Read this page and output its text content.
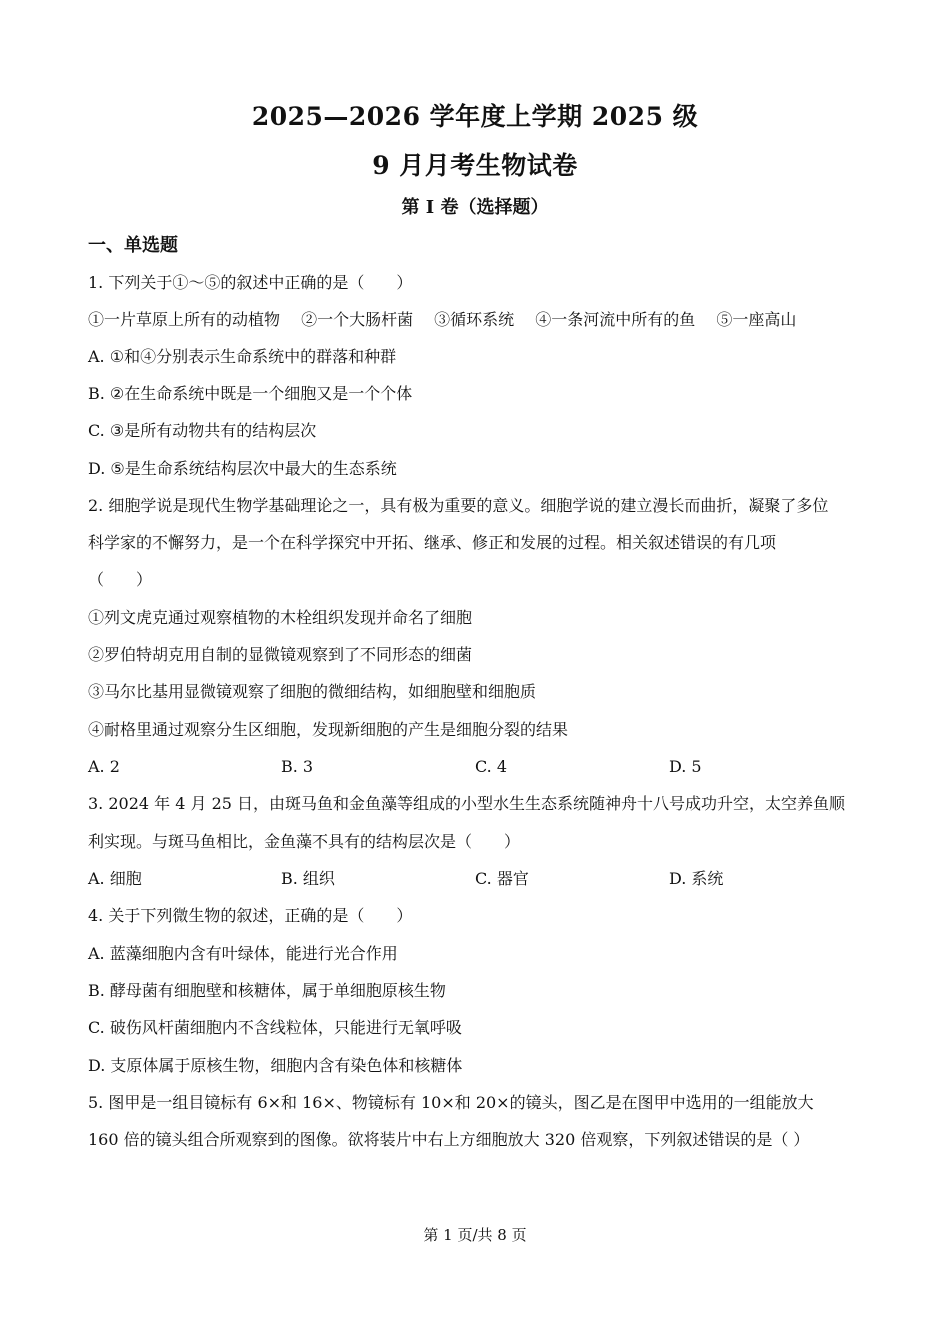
2025—2026 学年度上学期 2025 级
9 月月考生物试卷
第 I 卷（选择题）
一、单选题
1. 下列关于①～⑤的叙述中正确的是（　　）
①一片草原上所有的动植物　 ②一个大肠杆菌　 ③循环系统　 ④一条河流中所有的鱼　 ⑤一座高山
A. ①和④分别表示生命系统中的群落和种群
B. ②在生命系统中既是一个细胞又是一个个体
C. ③是所有动物共有的结构层次
D. ⑤是生命系统结构层次中最大的生态系统
2. 细胞学说是现代生物学基础理论之一，具有极为重要的意义。细胞学说的建立漫长而曲折，凝聚了多位
科学家的不懈努力，是一个在科学探究中开拓、继承、修正和发展的过程。相关叙述错误的有几项
（　　）
①列文虎克通过观察植物的木栓组织发现并命名了细胞
②罗伯特胡克用自制的显微镜观察到了不同形态的细菌
③马尔比基用显微镜观察了细胞的微细结构，如细胞壁和细胞质
④耐格里通过观察分生区细胞，发现新细胞的产生是细胞分裂的结果
A. 2	B. 3	C. 4	D. 5
3. 2024 年 4 月 25 日，由斑马鱼和金鱼藻等组成的小型水生生态系统随神舟十八号成功升空，太空养鱼顺
利实现。与斑马鱼相比，金鱼藻不具有的结构层次是（　　）
A. 细胞	B. 组织	C. 器官	D. 系统
4. 关于下列微生物的叙述，正确的是（　　）
A. 蓝藻细胞内含有叶绿体，能进行光合作用
B. 酵母菌有细胞壁和核糖体，属于单细胞原核生物
C. 破伤风杆菌细胞内不含线粒体，只能进行无氧呼吸
D. 支原体属于原核生物，细胞内含有染色体和核糖体
5. 图甲是一组目镜标有 6×和 16×、物镜标有 10×和 20×的镜头，图乙是在图甲中选用的一组能放大
160 倍的镜头组合所观察到的图像。欲将装片中右上方细胞放大 320 倍观察，下列叙述错误的是（ ）
第 1 页/共 8 页
